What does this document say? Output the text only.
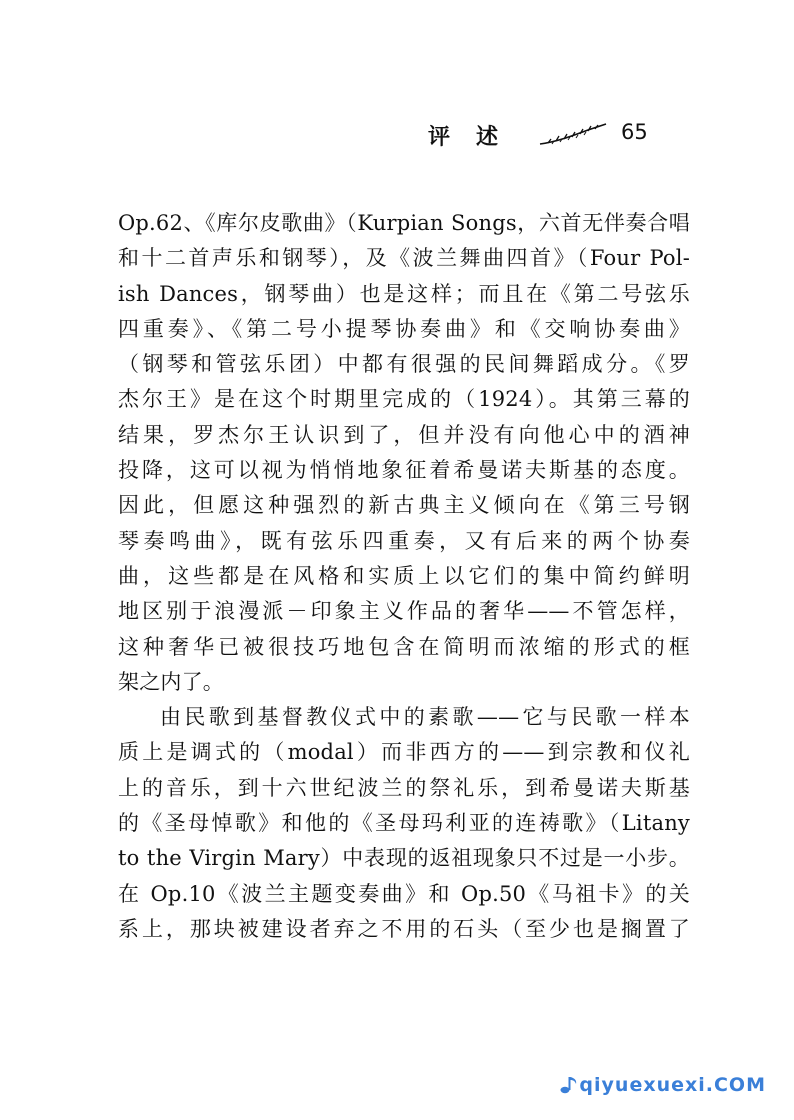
评述	65
Op.62、《库尔皮歌曲》（Kurpian Songs，六首无伴奏合唱
和十二首声乐和钢琴），及《波兰舞曲四首》（Four Pol-
ish Dances，钢琴曲）也是这样；而且在《第二号弦乐
四重奏》、《第二号小提琴协奏曲》和《交响协奏曲》
（钢琴和管弦乐团）中都有很强的民间舞蹈成分。《罗
杰尔王》是在这个时期里完成的（1924）。其第三幕的
结果，罗杰尔王认识到了，但并没有向他心中的酒神
投降，这可以视为悄悄地象征着希曼诺夫斯基的态度。
因此，但愿这种强烈的新古典主义倾向在《第三号钢
琴奏鸣曲》，既有弦乐四重奏，又有后来的两个协奏
曲，这些都是在风格和实质上以它们的集中简约鲜明
地区别于浪漫派－印象主义作品的奢华——不管怎样，
这种奢华已被很技巧地包含在简明而浓缩的形式的框
架之内了。
由民歌到基督教仪式中的素歌——它与民歌一样本
质上是调式的（modal）而非西方的——到宗教和仪礼
上的音乐，到十六世纪波兰的祭礼乐，到希曼诺夫斯基
的《圣母悼歌》和他的《圣母玛利亚的连祷歌》（Litany
to the Virgin Mary）中表现的返祖现象只不过是一小步。
在 Op.10《波兰主题变奏曲》和 Op.50《马祖卡》的关
系上，那块被建设者弃之不用的石头（至少也是搁置了
qiyuexuexi.COM
